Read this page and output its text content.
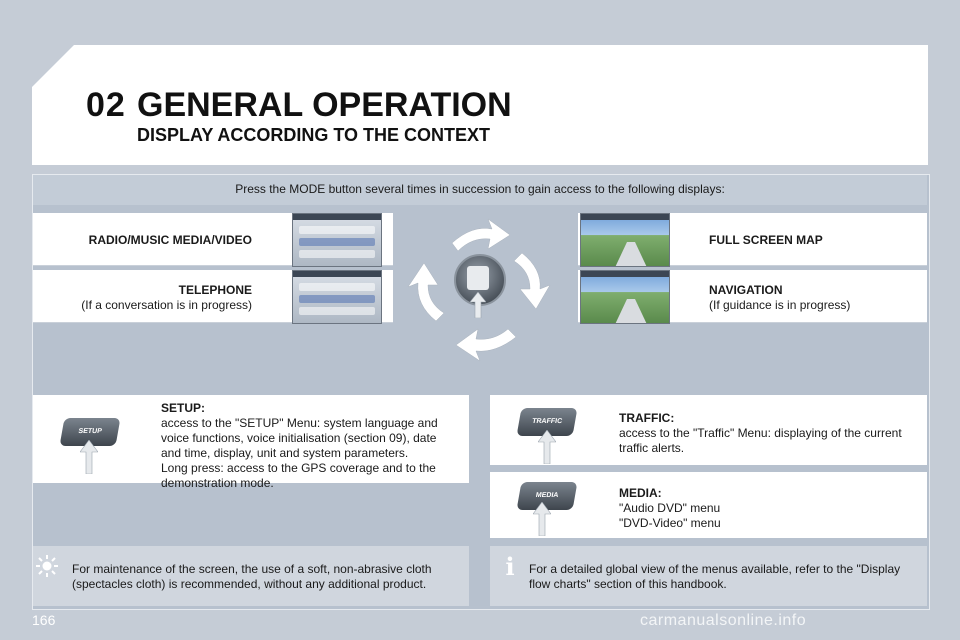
02 GENERAL OPERATION
DISPLAY ACCORDING TO THE CONTEXT
Press the MODE button several times in succession to gain access to the following displays:
RADIO/MUSIC MEDIA/VIDEO
TELEPHONE
(If a conversation is in progress)
FULL SCREEN MAP
NAVIGATION
(If guidance is in progress)
SETUP
SETUP:
access to the "SETUP" Menu: system language and
voice functions, voice initialisation (section 09), date
and time, display, unit and system parameters.
Long press: access to the GPS coverage and to the
demonstration mode.
TRAFFIC	TRAFFIC:
access to the "Traffic" Menu: displaying of the current
traffic alerts.
MEDIA	MEDIA:
"Audio DVD" menu
"DVD-Video" menu
For maintenance of the screen, the use of a soft, non-abrasive cloth
(spectacles cloth) is recommended, without any additional product.
i	For a detailed global view of the menus available, refer to the "Display
flow charts" section of this handbook.
166	carmanualsonline.info
